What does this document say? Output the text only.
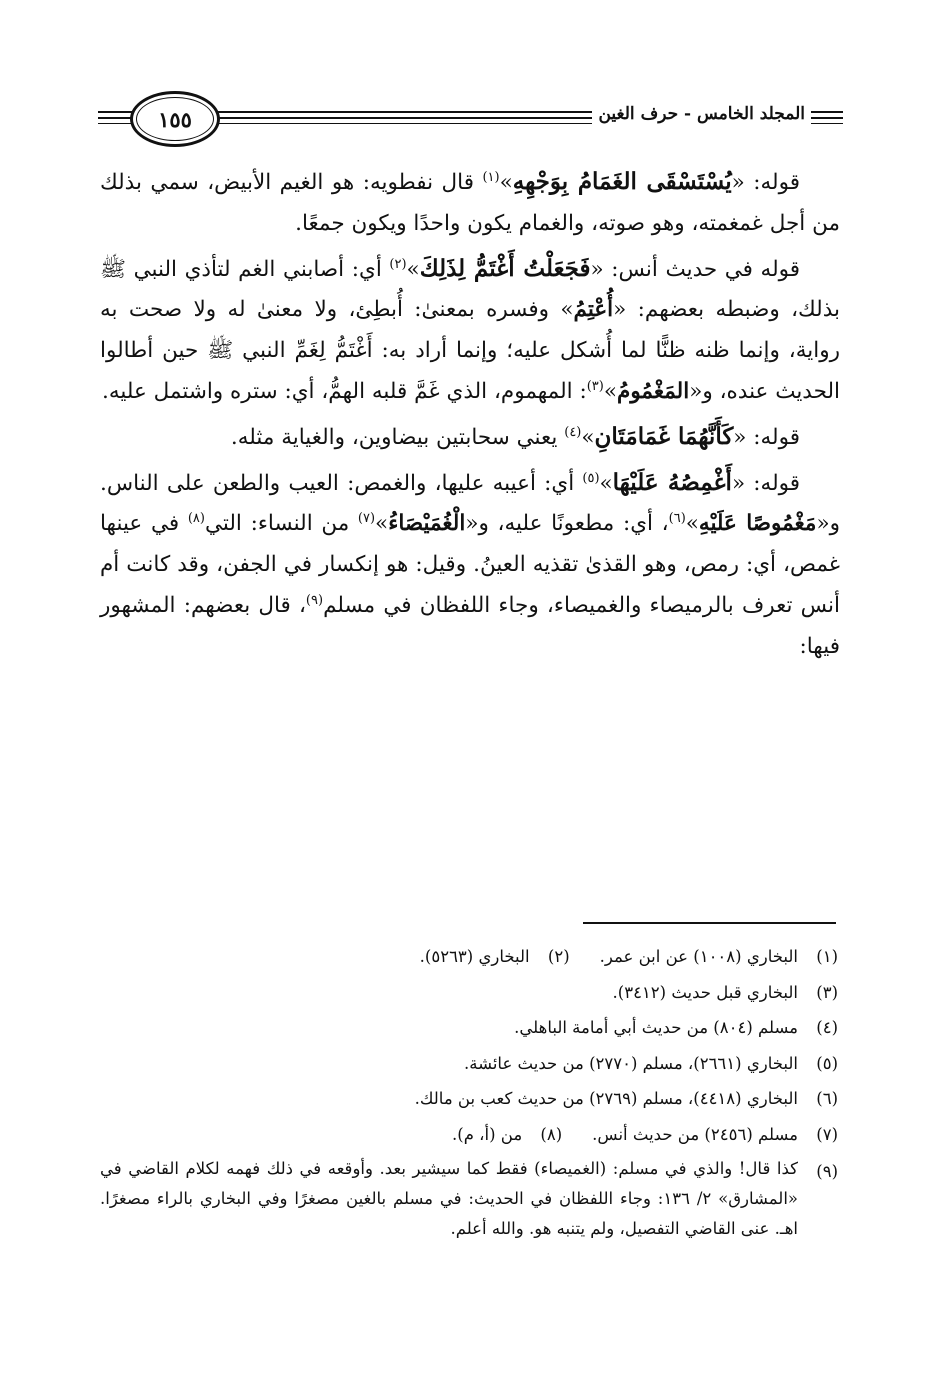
المجلد الخامس - حرف الغين
١٥٥

قوله: «يُسْتَسْقَى الغَمَامُ بِوَجْهِهِ»$^{(١)}$ قال نفطويه: هو الغيم الأبيض، سمي بذلك من أجل غمغمته، وهو صوته، والغمام يكون واحدًا ويكون جمعًا.

قوله في حديث أنس: «فَجَعَلْتُ أَغْتَمُّ لِذَلِكَ»$^{(٢)}$ أي: أصابني الغم لتأذي النبي ﷺ بذلك، وضبطه بعضهم: «أُعْتِمُ» وفسره بمعنىٰ: أُبطِئ، ولا معنىٰ له ولا صحت به رواية، وإنما ظنه ظنًّا لما أُشكل عليه؛ وإنما أراد به: أَغْتَمُّ لِغَمِّ النبي ﷺ حين أطالوا الحديث عنده، و«المَغْمُومُ»$^{(٣)}$: المهموم، الذي غَمَّ قلبه الهمُّ، أي: ستره واشتمل عليه.

قوله: «كَأَنَّهُمَا غَمَامَتَانِ»$^{(٤)}$ يعني سحابتين بيضاوين، والغياية مثله.

قوله: «أَغْمِصُهُ عَلَيْهَا»$^{(٥)}$ أي: أعيبه عليها، والغمص: العيب والطعن على الناس. و«مَغْمُوصًا عَلَيْهِ»$^{(٦)}$، أي: مطعونًا عليه، و«الْغُمَيْصَاءُ»$^{(٧)}$ من النساء: التي$^{(٨)}$ في عينها غمص، أي: رمص، وهو القذىٰ تقذيه العينُ. وقيل: هو إنكسار في الجفن، وقد كانت أم أنس تعرف بالرميصاء والغميصاء، وجاء اللفظان في مسلم$^{(٩)}$، قال بعضهم: المشهور فيها:

(١)
البخاري (١٠٠٨) عن ابن عمر.
(٢)
البخاري (٥٢٦٣).
(٣)
البخاري قبل حديث (٣٤١٢).
(٤)
مسلم (٨٠٤) من حديث أبي أمامة الباهلي.
(٥)
البخاري (٢٦٦١)، مسلم (٢٧٧٠) من حديث عائشة.
(٦)
البخاري (٤٤١٨)، مسلم (٢٧٦٩) من حديث كعب بن مالك.
(٧)
مسلم (٢٤٥٦) من حديث أنس.
(٨)
من (أ، م).
(٩)
كذا قال! والذي في مسلم: (الغميصاء) فقط كما سيشير بعد. وأوقعه في ذلك فهمه لكلام القاضي في «المشارق» ٢/ ١٣٦: وجاء اللفظان في الحديث: في مسلم بالغين مصغرًا وفي البخاري بالراء مصغرًا. اهـ. عنى القاضي التفصيل، ولم يتنبه هو. والله أعلم.
